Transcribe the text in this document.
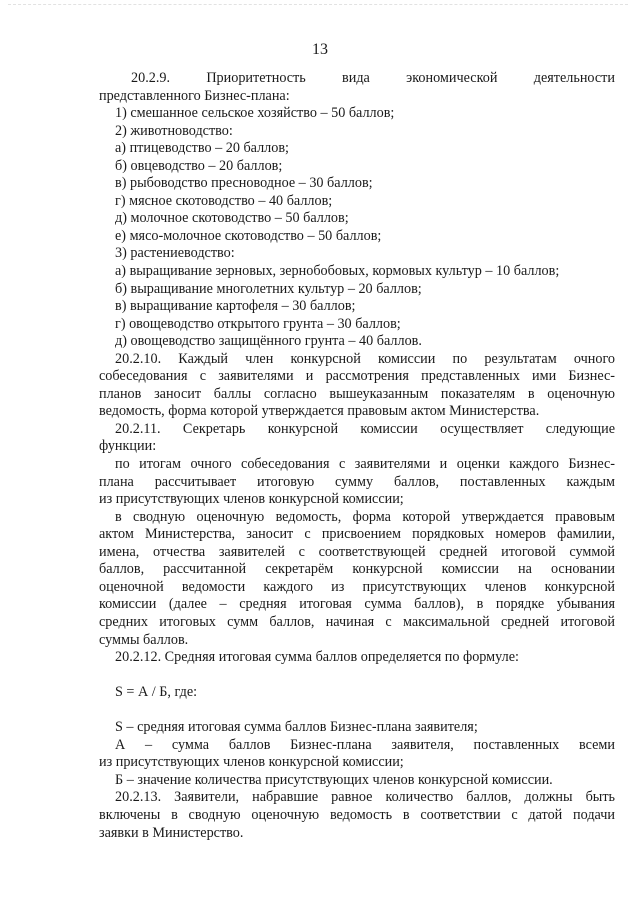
13
20.2.9.	Приоритетность	вида	экономической	деятельности

представленного Бизнес-плана:

1) смешанное сельское хозяйство – 50 баллов;

2) животноводство:

а) птицеводство – 20 баллов;

б) овцеводство – 20 баллов;

в) рыбоводство пресноводное – 30 баллов;

г) мясное скотоводство – 40 баллов;

д) молочное скотоводство – 50 баллов;

е) мясо-молочное скотоводство – 50 баллов;

3) растениеводство:

а) выращивание зерновых, зернобобовых, кормовых культур – 10 баллов;

б) выращивание многолетних культур – 20 баллов;

в) выращивание картофеля – 30 баллов;

г) овощеводство открытого грунта – 30 баллов;

д) овощеводство защищённого грунта – 40 баллов.

20.2.10. Каждый член конкурсной комиссии по результатам очного

собеседования с заявителями и рассмотрения представленных ими Бизнес-

планов заносит баллы согласно вышеуказанным показателям в оценочную

ведомость, форма которой утверждается правовым актом Министерства.

20.2.11. Секретарь конкурсной комиссии осуществляет следующие

функции:

по итогам очного собеседования с заявителями и оценки каждого Бизнес-

плана рассчитывает итоговую сумму баллов, поставленных каждым

из присутствующих членов конкурсной комиссии;

в сводную оценочную ведомость, форма которой утверждается правовым

актом Министерства, заносит с присвоением порядковых номеров фамилии,

имена, отчества заявителей с соответствующей средней итоговой суммой

баллов, рассчитанной секретарём конкурсной комиссии на основании

оценочной ведомости каждого из присутствующих членов конкурсной

комиссии (далее – средняя итоговая сумма баллов), в порядке убывания

средних итоговых сумм баллов, начиная с максимальной средней итоговой

суммы баллов.

20.2.12. Средняя итоговая сумма баллов определяется по формуле:

S = А / Б, где:

S – средняя итоговая сумма баллов Бизнес-плана заявителя;

А – сумма баллов Бизнес-плана заявителя, поставленных всеми

из присутствующих членов конкурсной комиссии;

Б – значение количества присутствующих членов конкурсной комиссии.

20.2.13. Заявители, набравшие равное количество баллов, должны быть

включены в сводную оценочную ведомость в соответствии с датой подачи

заявки в Министерство.
